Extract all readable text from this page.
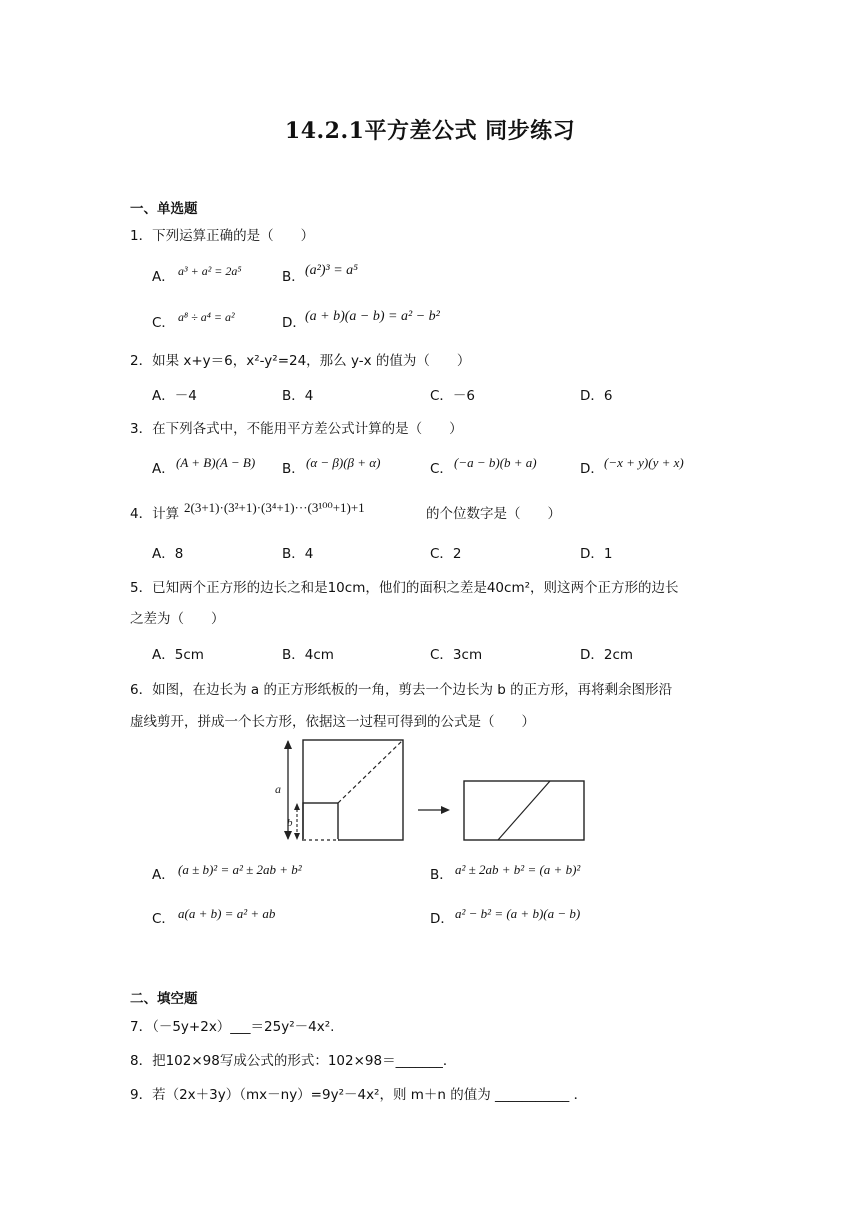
14.2.1平方差公式 同步练习
一、单选题
1．下列运算正确的是（　　）
A． a³ + a² = 2a⁵	B． (a²)³ = a⁵
C． a⁸ ÷ a⁴ = a²	D． (a + b)(a − b) = a² − b²
2．如果 x+y＝6，x²-y²=24，那么 y-x 的值为（　　）
A．－4	B．4	C．－6	D．6
3．在下列各式中，不能用平方差公式计算的是（　　）
A． (A + B)(A − B) B． (α − β)(β + α)	C． (−a − b)(b + a)	D． (−x + y)(y + x)
4．计算 2(3+1)·(3²+1)·(3⁴+1)···(3¹⁰⁰+1)+1	的个位数字是（　　）
A．8	B．4	C．2	D．1
5．已知两个正方形的边长之和是10cm，他们的面积之差是40cm²，则这两个正方形的边长
之差为（　　）
A．5cm	B．4cm	C．3cm	D．2cm
6．如图，在边长为 a 的正方形纸板的一角，剪去一个边长为 b 的正方形，再将剩余图形沿
虚线剪开，拼成一个长方形，依据这一过程可得到的公式是（　　）
a
b
A． (a ± b)² = a² ± 2ab + b²	B． a² ± 2ab + b² = (a + b)²
C． a(a + b) = a² + ab	D． a² − b² = (a + b)(a − b)
二、填空题
7．（－5y+2x）___＝25y²－4x².
8．把102×98写成公式的形式：102×98＝_______．
9．若（2x＋3y）（mx－ny）=9y²－4x²，则 m＋n 的值为 ___________ ．
